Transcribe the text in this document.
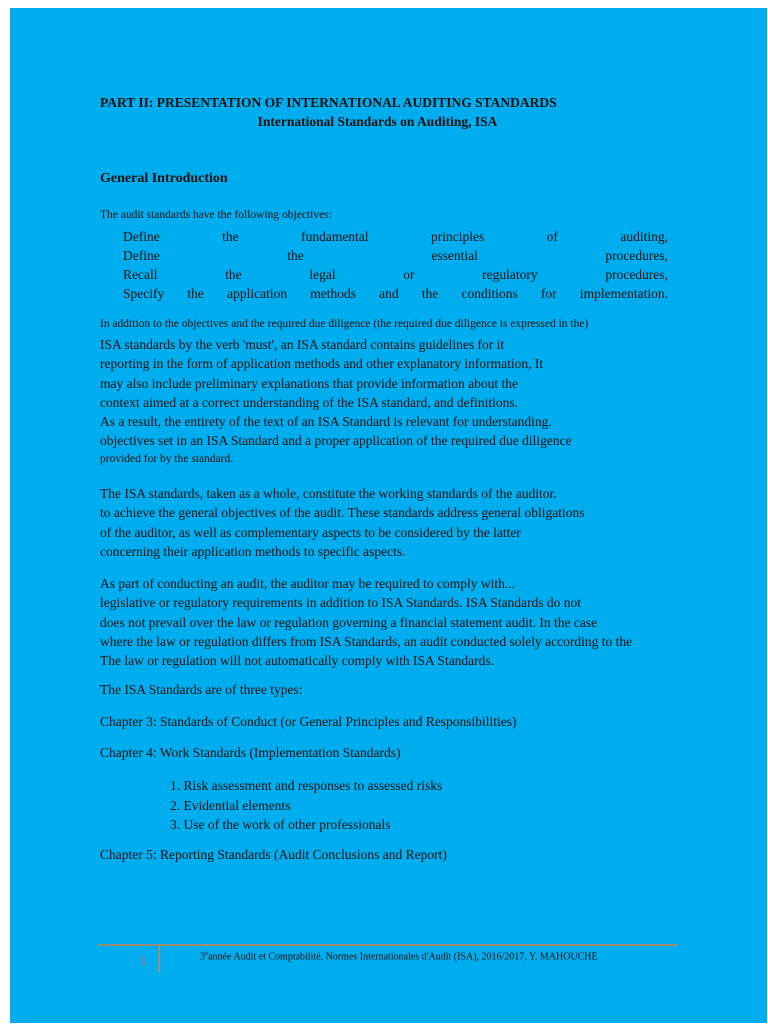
PART II: PRESENTATION OF INTERNATIONAL AUDITING STANDARDS
International Standards on Auditing, ISA
General Introduction
The audit standards have the following objectives:
Define	the	fundamental	principles	of	auditing,
Define	the	essential	procedures,
Recall	the	legal	or	regulatory	procedures,
Specify the application methods and the conditions for implementation.
In addition to the objectives and the required due diligence (the required due diligence is expressed in the)
ISA standards by the verb 'must', an ISA standard contains guidelines for it
reporting in the form of application methods and other explanatory information, It
may also include preliminary explanations that provide information about the
context aimed at a correct understanding of the ISA standard, and definitions.
As a result, the entirety of the text of an ISA Standard is relevant for understanding.
objectives set in an ISA Standard and a proper application of the required due diligence
provided for by the standard.
The ISA standards, taken as a whole, constitute the working standards of the auditor.
to achieve the general objectives of the audit. These standards address general obligations
of the auditor, as well as complementary aspects to be considered by the latter
concerning their application methods to specific aspects.
As part of conducting an audit, the auditor may be required to comply with...
legislative or regulatory requirements in addition to ISA Standards. ISA Standards do not
does not prevail over the law or regulation governing a financial statement audit. In the case
where the law or regulation differs from ISA Standards, an audit conducted solely according to the
The law or regulation will not automatically comply with ISA Standards.
The ISA Standards are of three types:
Chapter 3: Standards of Conduct (or General Principles and Responsibilities)
Chapter 4: Work Standards (Implementation Standards)
1. Risk assessment and responses to assessed risks
2. Evidential elements
3. Use of the work of other professionals
Chapter 5: Reporting Standards (Audit Conclusions and Report)
1	3eannée Audit et Comptabilité, Normes Internationales d'Audit (ISA), 2016/2017, Y. MAHOUCHE
